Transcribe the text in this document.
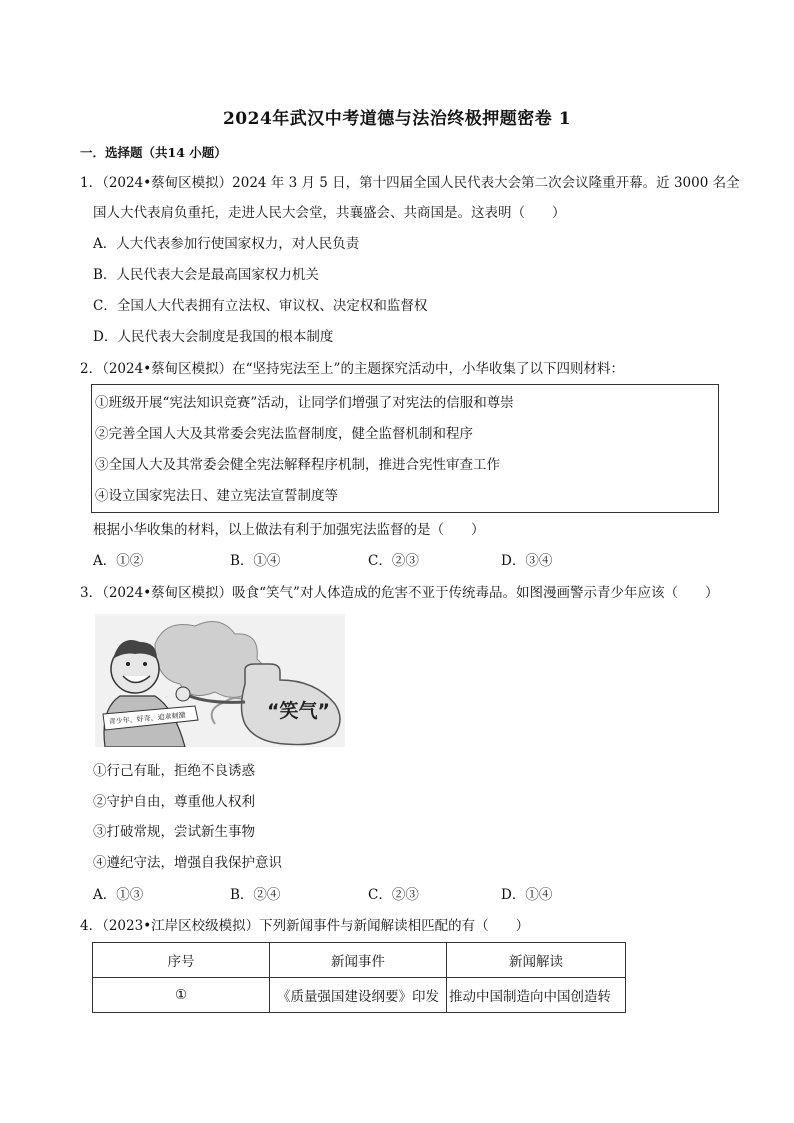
2024年武汉中考道德与法治终极押题密卷 1
一．选择题（共14 小题）
1．（2024•蔡甸区模拟）2024 年 3 月 5 日，第十四届全国人民代表大会第二次会议隆重开幕。近 3000 名全
国人大代表肩负重托，走进人民大会堂，共襄盛会、共商国是。这表明（　　）
A．人大代表参加行使国家权力，对人民负责
B．人民代表大会是最高国家权力机关
C．全国人大代表拥有立法权、审议权、决定权和监督权
D．人民代表大会制度是我国的根本制度
2．（2024•蔡甸区模拟）在“坚持宪法至上”的主题探究活动中，小华收集了以下四则材料：
①班级开展“宪法知识竞赛”活动，让同学们增强了对宪法的信服和尊崇
②完善全国人大及其常委会宪法监督制度，健全监督机制和程序
③全国人大及其常委会健全宪法解释程序机制，推进合宪性审查工作
④设立国家宪法日、建立宪法宣誓制度等
根据小华收集的材料，以上做法有利于加强宪法监督的是（　　）
A．①②	B．①④	C．②③	D．③④
3．（2024•蔡甸区模拟）吸食“笑气”对人体造成的危害不亚于传统毒品。如图漫画警示青少年应该（　　）
“笑气”
青少年，好奇，追求刺激
①行己有耻，拒绝不良诱惑
②守护自由，尊重他人权利
③打破常规，尝试新生事物
④遵纪守法，增强自我保护意识
A．①③	B．②④	C．②③	D．①④
4．（2023•江岸区校级模拟）下列新闻事件与新闻解读相匹配的有（　　）
序号	新闻事件	新闻解读
①	《质量强国建设纲要》印发	推动中国制造向中国创造转
